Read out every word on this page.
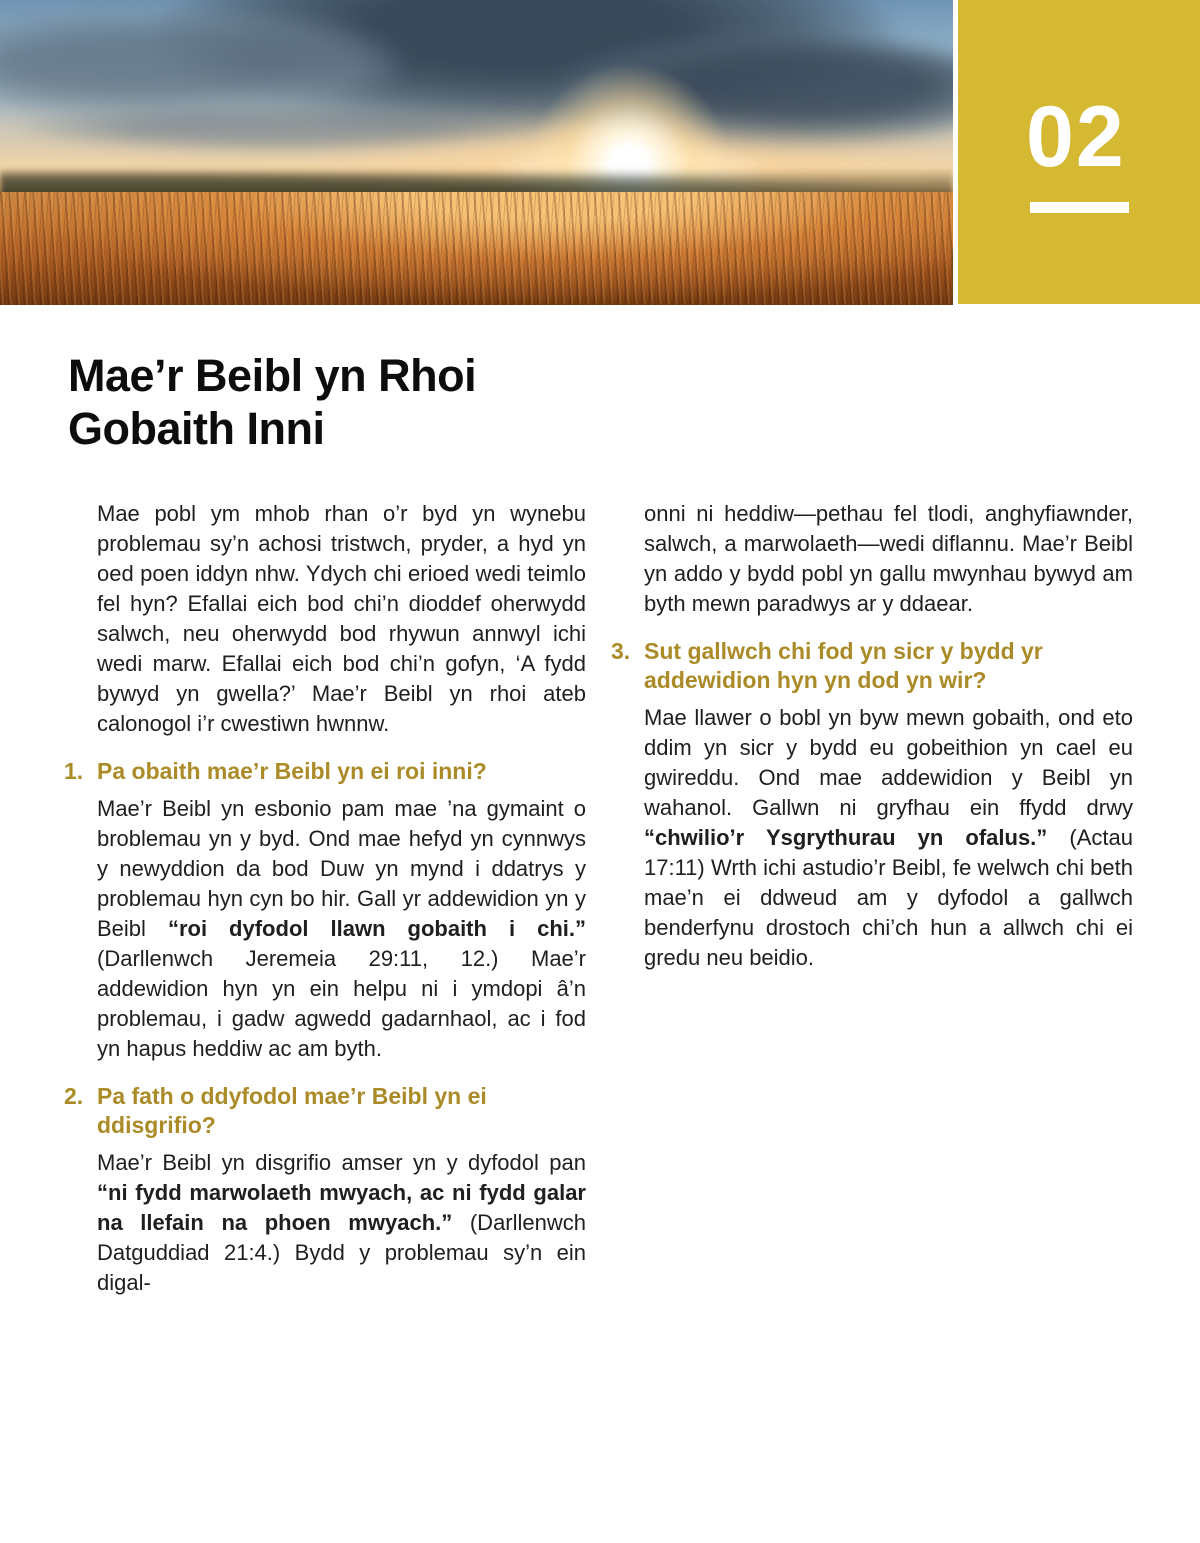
02
Mae’r Beibl yn Rhoi
Gobaith Inni

Mae pobl ym mhob rhan o’r byd yn wynebu problemau sy’n achosi tristwch, pryder, a hyd yn oed poen iddyn nhw. Ydych chi erioed wedi teimlo fel hyn? Efallai eich bod chi’n dioddef oherwydd salwch, neu oherwydd bod rhywun annwyl ichi wedi marw. Efallai eich bod chi’n gofyn, ‘A fydd bywyd yn gwella?’ Mae’r Beibl yn rhoi ateb calonogol i’r cwestiwn hwnnw.

1. Pa obaith mae’r Beibl yn ei roi inni?

Mae’r Beibl yn esbonio pam mae ’na gymaint o broblemau yn y byd. Ond mae hefyd yn cynnwys y newyddion da bod Duw yn mynd i ddatrys y problemau hyn cyn bo hir. Gall yr addewidion yn y Beibl “roi dyfodol llawn gobaith i chi.” (Darllenwch Jeremeia 29:11, 12.) Mae’r addewidion hyn yn ein helpu ni i ymdopi â’n problemau, i gadw agwedd gadarnhaol, ac i fod yn hapus heddiw ac am byth.

2. Pa fath o ddyfodol mae’r Beibl yn ei ddisgrifio?

Mae’r Beibl yn disgrifio amser yn y dyfodol pan “ni fydd marwolaeth mwyach, ac ni fydd galar na llefain na phoen mwyach.” (Darllenwch Datguddiad 21:4.) Bydd y problemau sy’n ein digal-

onni ni heddiw—pethau fel tlodi, anghyfiawnder, salwch, a marwolaeth—wedi diflannu. Mae’r Beibl yn addo y bydd pobl yn gallu mwynhau bywyd am byth mewn paradwys ar y ddaear.

3. Sut gallwch chi fod yn sicr y bydd yr addewidion hyn yn dod yn wir?

Mae llawer o bobl yn byw mewn gobaith, ond eto ddim yn sicr y bydd eu gobeithion yn cael eu gwireddu. Ond mae addewidion y Beibl yn wahanol. Gallwn ni gryfhau ein ffydd drwy “chwilio’r Ysgrythurau yn ofalus.” (Actau 17:11) Wrth ichi astudio’r Beibl, fe welwch chi beth mae’n ei ddweud am y dyfodol a gallwch benderfynu drostoch chi’ch hun a allwch chi ei gredu neu beidio.
